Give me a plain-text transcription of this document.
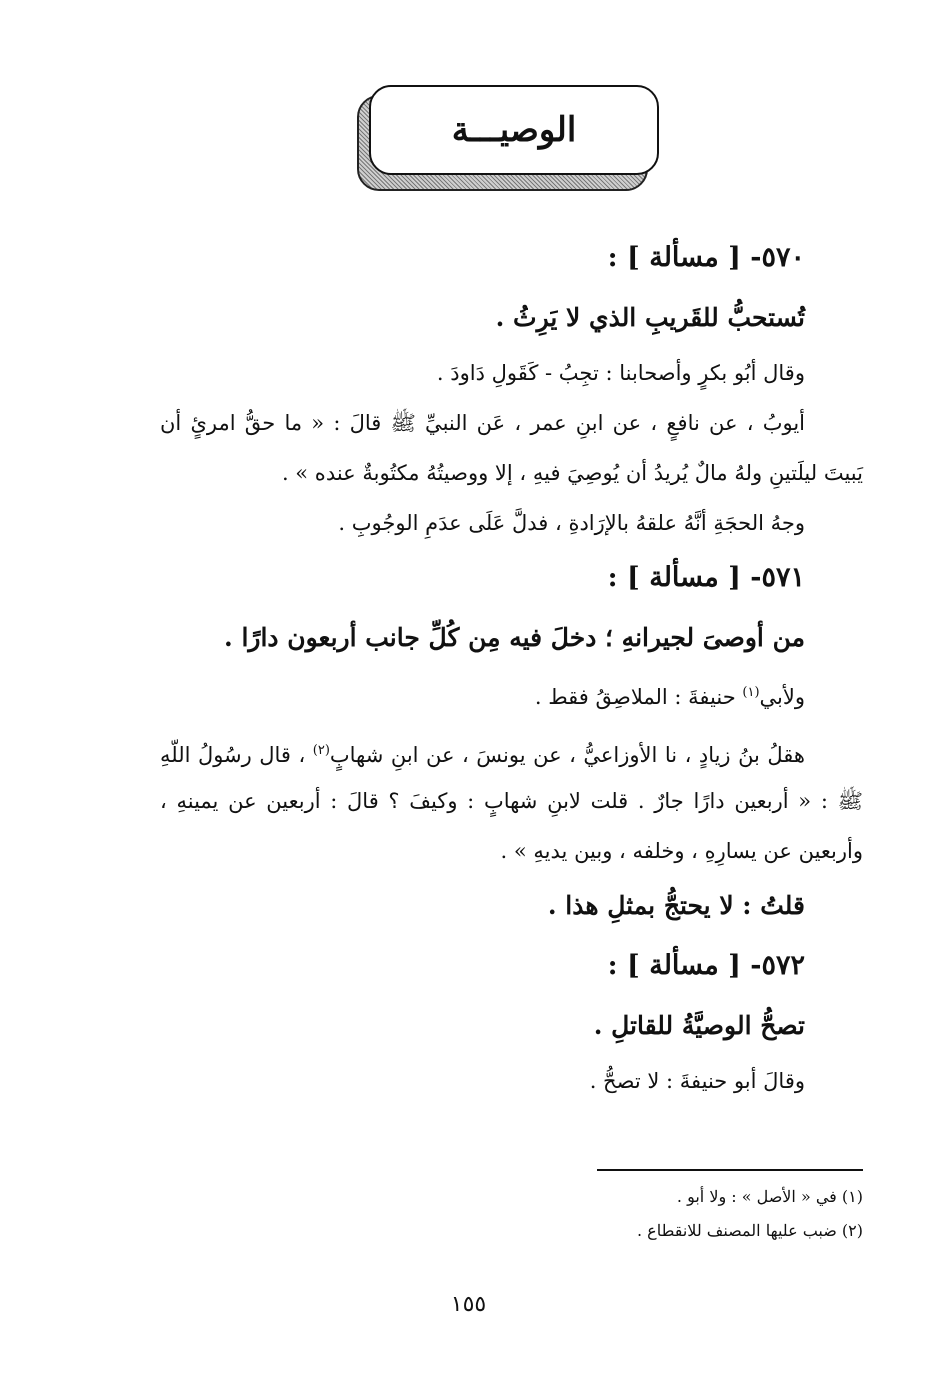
الوصيـــة
٥٧٠- [ مسألة ] :
تُستحبُّ للقَريبِ الذي لا يَرِثُ .
وقال أبُو بكرٍ وأصحابنا : تجِبُ - كَقَولِ دَاودَ .
أيوبُ ، عن نافعٍ ، عن ابنِ عمر ، عَن النبيِّ ﷺ قالَ : « ما حقُّ امرئٍ أن
يَبيتَ ليلَتينِ ولهُ مالٌ يُريدُ أن يُوصِيَ فيهِ ، إلا ووصيتُهُ مكتُوبةٌ عنده » .
وجهُ الحجَةِ أنَّهُ علقهُ بالإرَادةِ ، فدلَّ عَلَى عدَمِ الوجُوبِ .
٥٧١- [ مسألة ] :
من أوصىَ لجيرانهِ ؛ دخلَ فيه مِن كُلِّ جانب أربعون دارًا .
ولأبي$^{(١)}$ حنيفةَ : الملاصِقُ فقط .
هقلُ بنُ زيادٍ ، نا الأوزاعيُّ ، عن يونسَ ، عن ابنِ شهابٍ$^{(٢)}$ ، قال رسُولُ اللّهِ
ﷺ : « أربعين دارًا جارٌ . قلت لابنِ شهابٍ : وكيفَ ؟ قالَ : أربعين عن يمينهِ ،
وأربعين عن يسارِهِ ، وخلفه ، وبين يديهِ » .
قلتُ : لا يحتجُّ بمثلِ هذا .
٥٧٢- [ مسألة ] :
تصحُّ الوصيَّةُ للقاتلِ .
وقالَ أبو حنيفةَ : لا تصحُّ .
(١) في « الأصل » : ولا أبو .
(٢) ضبب عليها المصنف للانقطاع .
١٥٥
